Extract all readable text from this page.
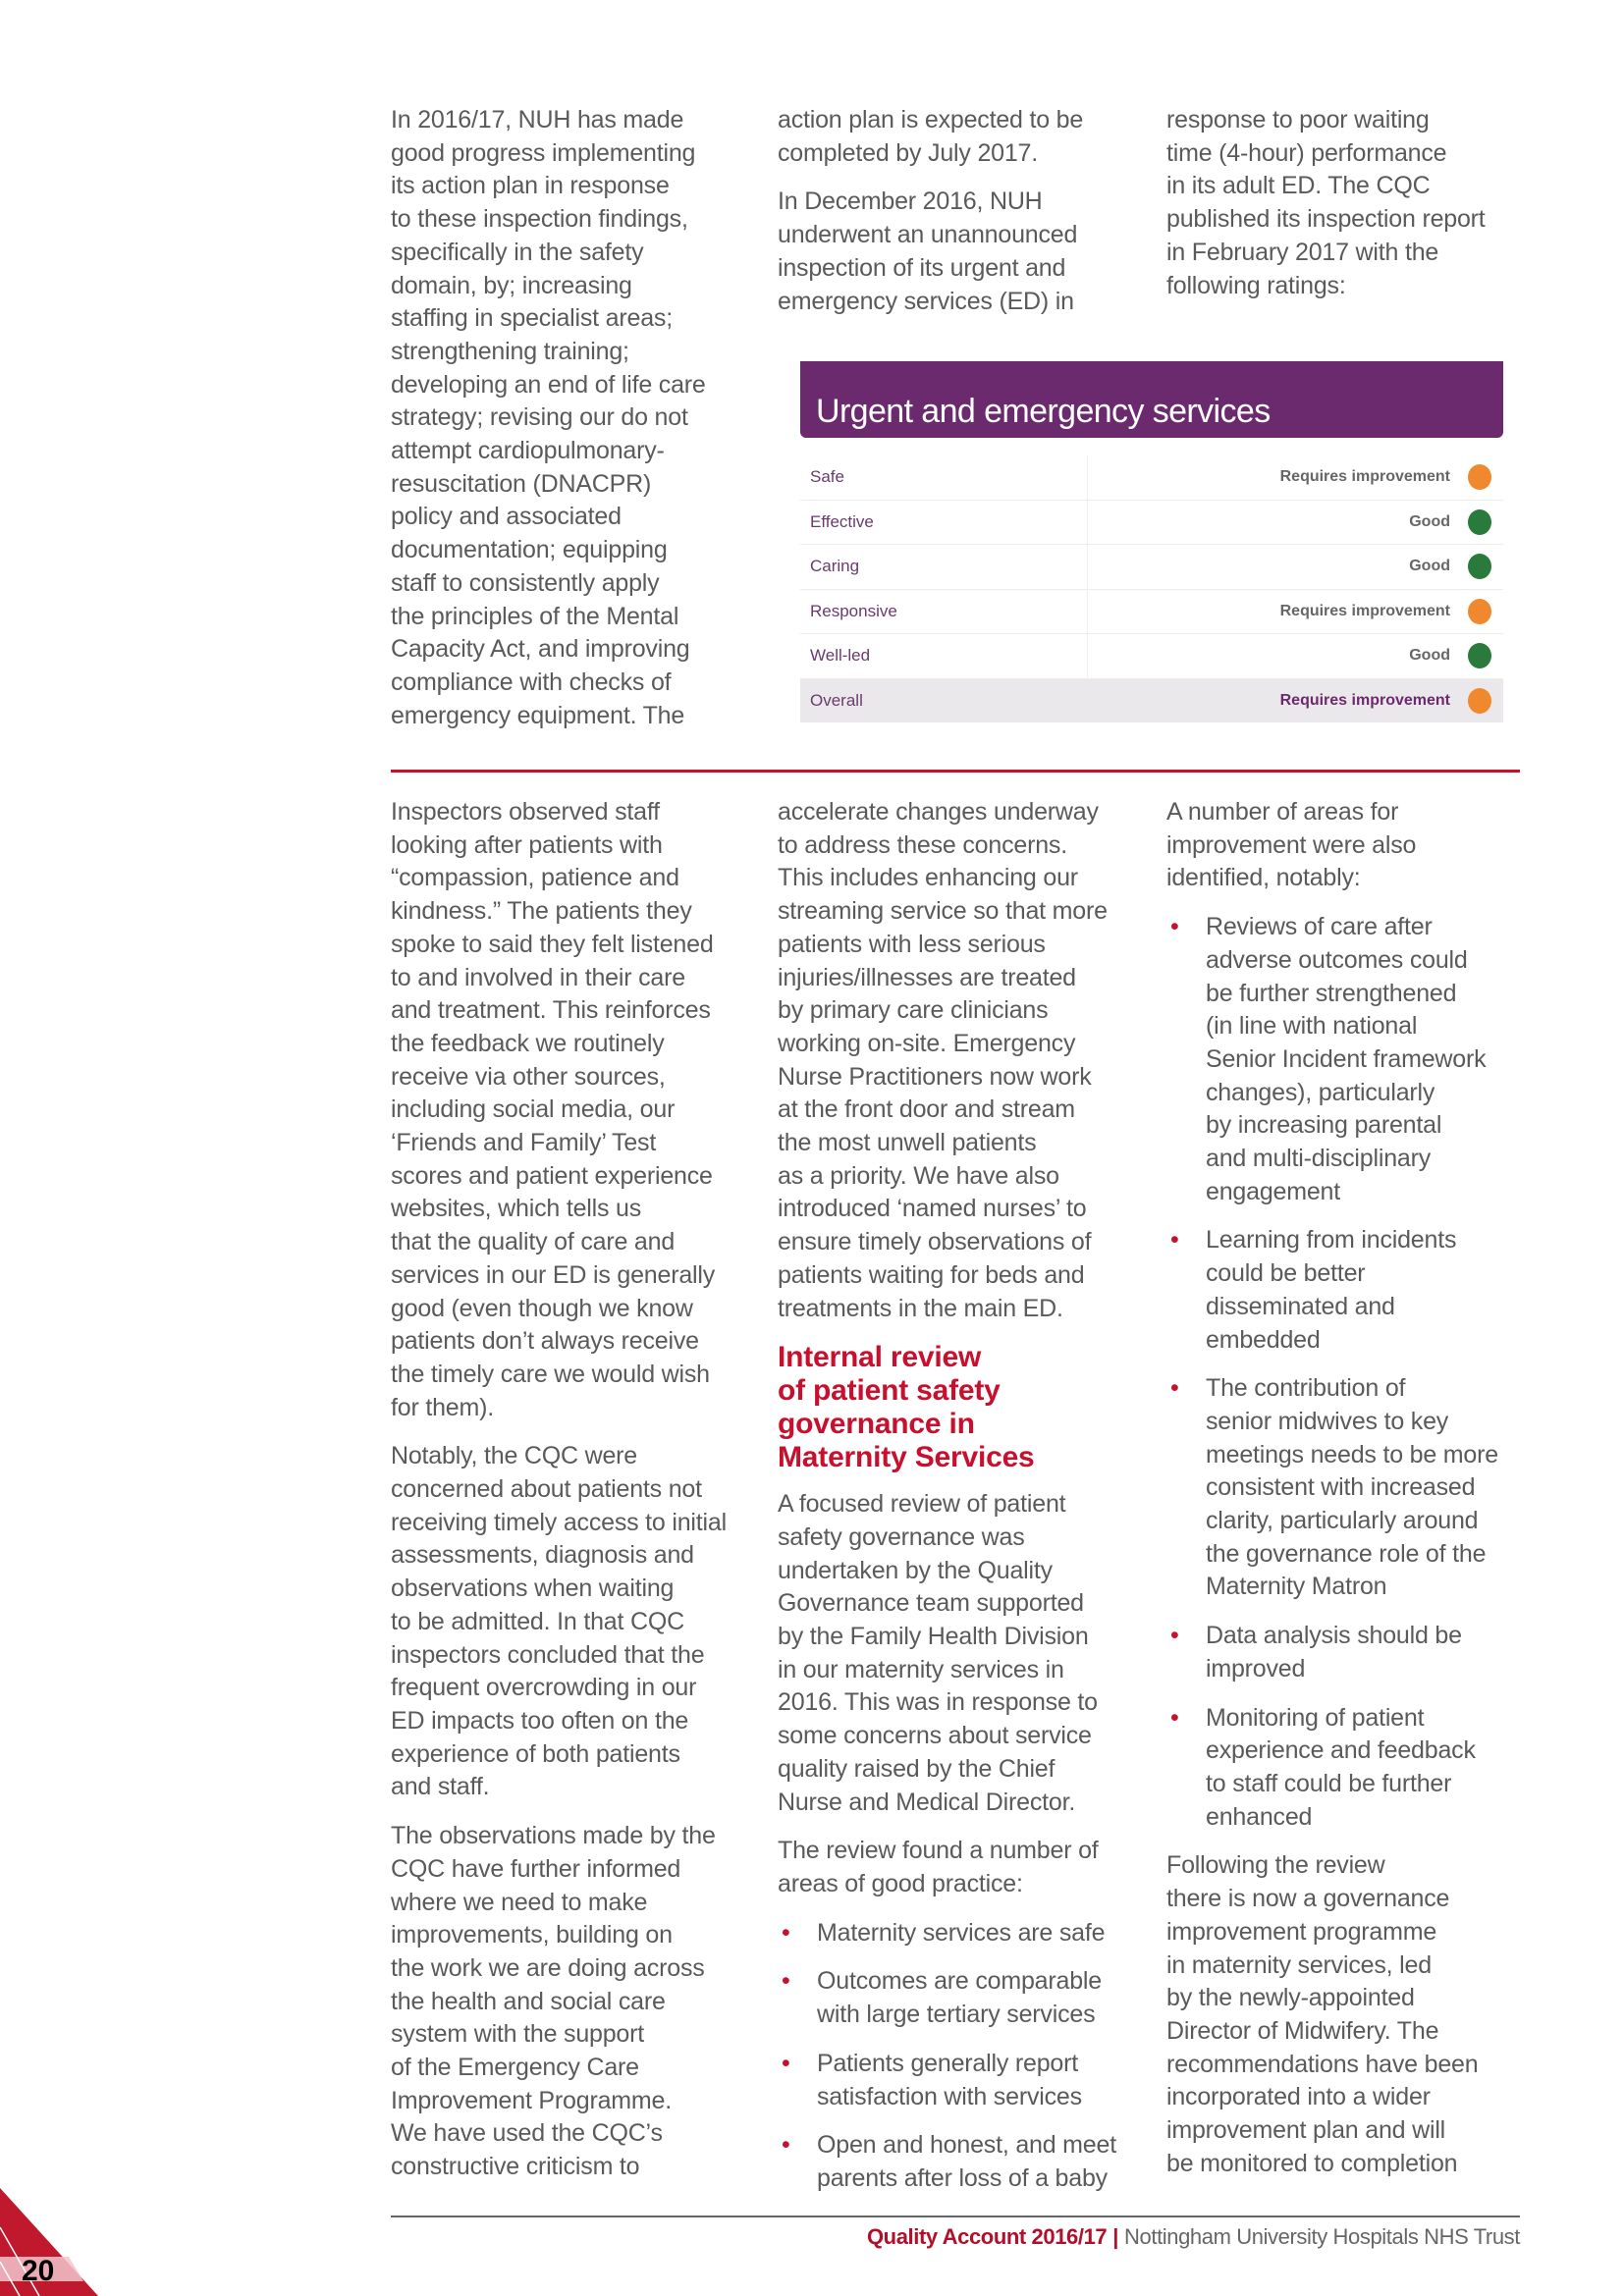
In 2016/17, NUH has made
good progress implementing
its action plan in response
to these inspection findings,
specifically in the safety
domain, by; increasing
staffing in specialist areas;
strengthening training;
developing an end of life care
strategy; revising our do not
attempt cardiopulmonary-
resuscitation (DNACPR)
policy and associated
documentation; equipping
staff to consistently apply
the principles of the Mental
Capacity Act, and improving
compliance with checks of
emergency equipment. The

action plan is expected to be
completed by July 2017.

In December 2016, NUH
underwent an unannounced
inspection of its urgent and
emergency services (ED) in

response to poor waiting
time (4-hour) performance
in its adult ED. The CQC
published its inspection report
in February 2017 with the
following ratings:

Urgent and emergency services
Safe	Requires improvement
Effective	Good
Caring	Good
Responsive	Requires improvement
Well-led	Good
Overall	Requires improvement

Inspectors observed staff
looking after patients with
“compassion, patience and
kindness.” The patients they
spoke to said they felt listened
to and involved in their care
and treatment. This reinforces
the feedback we routinely
receive via other sources,
including social media, our
‘Friends and Family’ Test
scores and patient experience
websites, which tells us
that the quality of care and
services in our ED is generally
good (even though we know
patients don’t always receive
the timely care we would wish
for them).

Notably, the CQC were
concerned about patients not
receiving timely access to initial
assessments, diagnosis and
observations when waiting
to be admitted. In that CQC
inspectors concluded that the
frequent overcrowding in our
ED impacts too often on the
experience of both patients
and staff.

The observations made by the
CQC have further informed
where we need to make
improvements, building on
the work we are doing across
the health and social care
system with the support
of the Emergency Care
Improvement Programme.
We have used the CQC’s
constructive criticism to

accelerate changes underway
to address these concerns.
This includes enhancing our
streaming service so that more
patients with less serious
injuries/illnesses are treated
by primary care clinicians
working on-site. Emergency
Nurse Practitioners now work
at the front door and stream
the most unwell patients
as a priority. We have also
introduced ‘named nurses’ to
ensure timely observations of
patients waiting for beds and
treatments in the main ED.

Internal review
of patient safety
governance in
Maternity Services

A focused review of patient
safety governance was
undertaken by the Quality
Governance team supported
by the Family Health Division
in our maternity services in
2016. This was in response to
some concerns about service
quality raised by the Chief
Nurse and Medical Director.

The review found a number of
areas of good practice:

• Maternity services are safe
• Outcomes are comparable
with large tertiary services
• Patients generally report
satisfaction with services
• Open and honest, and meet
parents after loss of a baby

A number of areas for
improvement were also
identified, notably:

• Reviews of care after
adverse outcomes could
be further strengthened
(in line with national
Senior Incident framework
changes), particularly
by increasing parental
and multi-disciplinary
engagement
• Learning from incidents
could be better
disseminated and
embedded
• The contribution of
senior midwives to key
meetings needs to be more
consistent with increased
clarity, particularly around
the governance role of the
Maternity Matron
• Data analysis should be
improved
• Monitoring of patient
experience and feedback
to staff could be further
enhanced

Following the review
there is now a governance
improvement programme
in maternity services, led
by the newly-appointed
Director of Midwifery. The
recommendations have been
incorporated into a wider
improvement plan and will
be monitored to completion

Quality Account 2016/17 | Nottingham University Hospitals NHS Trust
20
